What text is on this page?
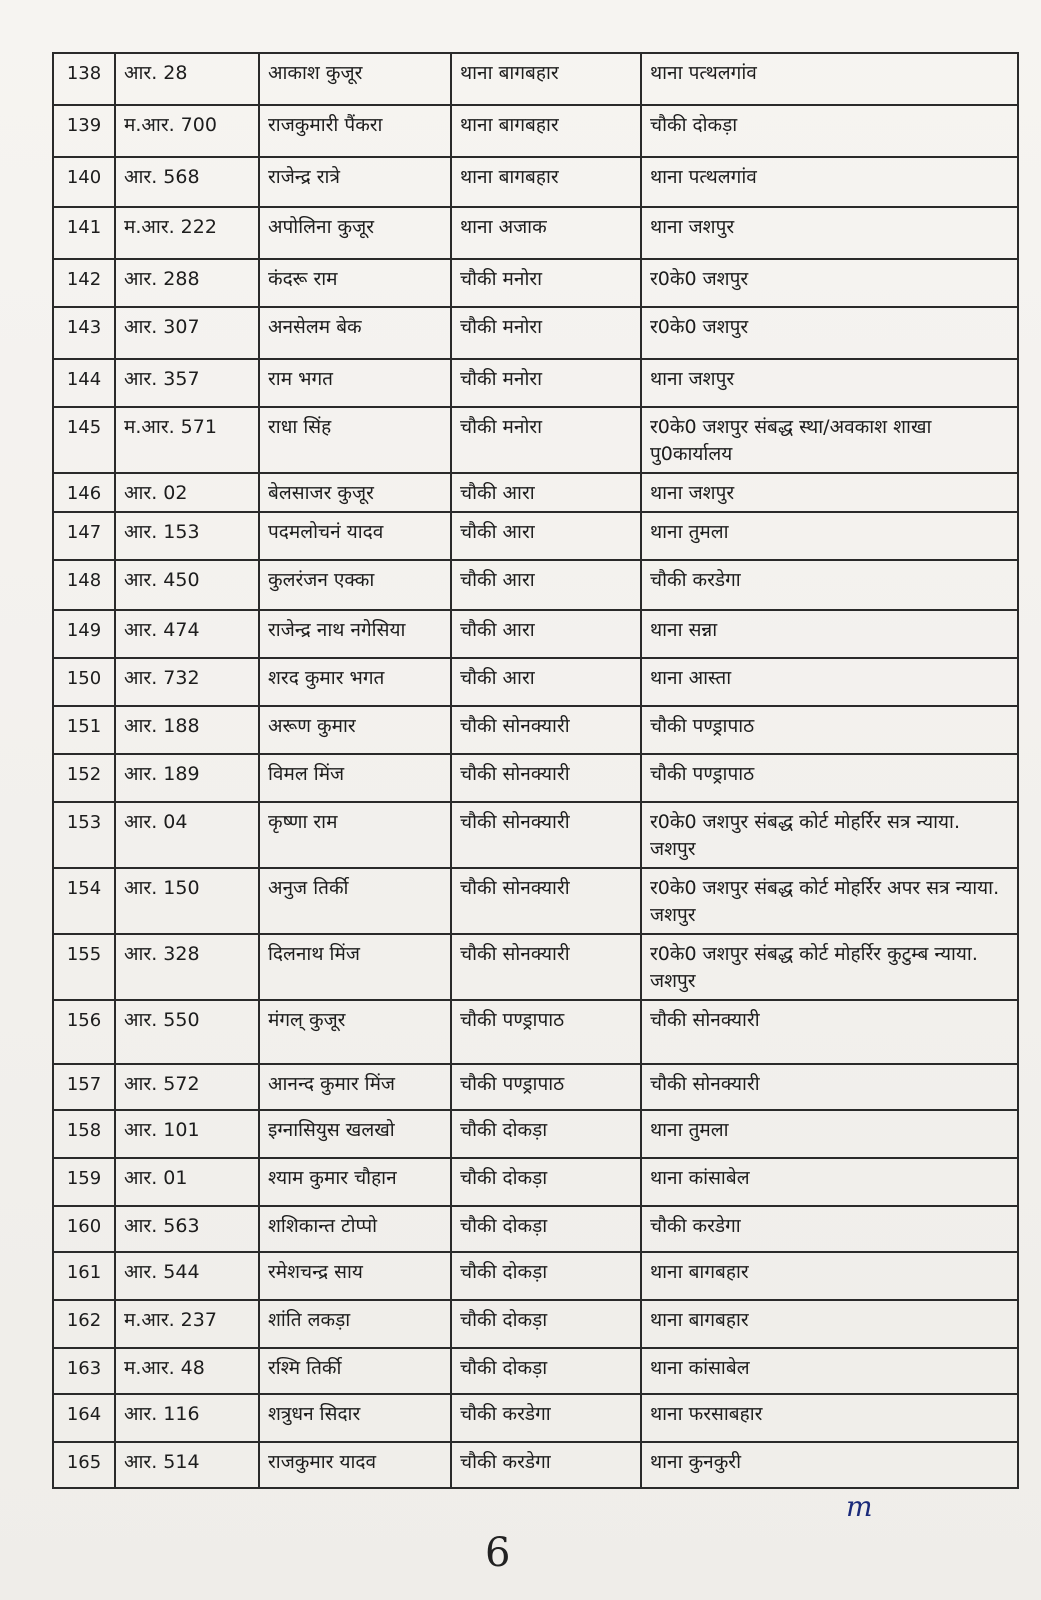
138	आर. 28	आकाश कुजूर	थाना बागबहार	थाना पत्थलगांव
139	म.आर. 700	राजकुमारी पैंकरा	थाना बागबहार	चौकी दोकड़ा
140	आर. 568	राजेन्द्र रात्रे	थाना बागबहार	थाना पत्थलगांव
141	म.आर. 222	अपोलिना कुजूर	थाना अजाक	थाना जशपुर
142	आर. 288	कंदरू राम	चौकी मनोरा	र0के0 जशपुर
143	आर. 307	अनसेलम बेक	चौकी मनोरा	र0के0 जशपुर
144	आर. 357	राम भगत	चौकी मनोरा	थाना जशपुर
145	म.आर. 571	राधा सिंह	चौकी मनोरा	र0के0 जशपुर संबद्ध स्था/अवकाश शाखा पु0कार्यालय
146	आर. 02	बेलसाजर कुजूर	चौकी आरा	थाना जशपुर
147	आर. 153	पदमलोचनं यादव	चौकी आरा	थाना तुमला
148	आर. 450	कुलरंजन एक्का	चौकी आरा	चौकी करडेगा
149	आर. 474	राजेन्द्र नाथ नगेसिया	चौकी आरा	थाना सन्ना
150	आर. 732	शरद कुमार भगत	चौकी आरा	थाना आस्ता
151	आर. 188	अरूण कुमार	चौकी सोनक्यारी	चौकी पण्ड्रापाठ
152	आर. 189	विमल मिंज	चौकी सोनक्यारी	चौकी पण्ड्रापाठ
153	आर. 04	कृष्णा राम	चौकी सोनक्यारी	र0के0 जशपुर संबद्ध कोर्ट मोहर्रिर सत्र न्याया. जशपुर
154	आर. 150	अनुज तिर्की	चौकी सोनक्यारी	र0के0 जशपुर संबद्ध कोर्ट मोहर्रिर अपर सत्र न्याया. जशपुर
155	आर. 328	दिलनाथ मिंज	चौकी सोनक्यारी	र0के0 जशपुर संबद्ध कोर्ट मोहर्रिर कुटुम्ब न्याया. जशपुर
156	आर. 550	मंगल् कुजूर	चौकी पण्ड्रापाठ	चौकी सोनक्यारी
157	आर. 572	आनन्द कुमार मिंज	चौकी पण्ड्रापाठ	चौकी सोनक्यारी
158	आर. 101	इग्नासियुस खलखो	चौकी दोकड़ा	थाना तुमला
159	आर. 01	श्याम कुमार चौहान	चौकी दोकड़ा	थाना कांसाबेल
160	आर. 563	शशिकान्त टोप्पो	चौकी दोकड़ा	चौकी करडेगा
161	आर. 544	रमेशचन्द्र साय	चौकी दोकड़ा	थाना बागबहार
162	म.आर. 237	शांति लकड़ा	चौकी दोकड़ा	थाना बागबहार
163	म.आर. 48	रश्मि तिर्की	चौकी दोकड़ा	थाना कांसाबेल
164	आर. 116	शत्रुधन सिदार	चौकी करडेगा	थाना फरसाबहार
165	आर. 514	राजकुमार यादव	चौकी करडेगा	थाना कुनकुरी
m
6
